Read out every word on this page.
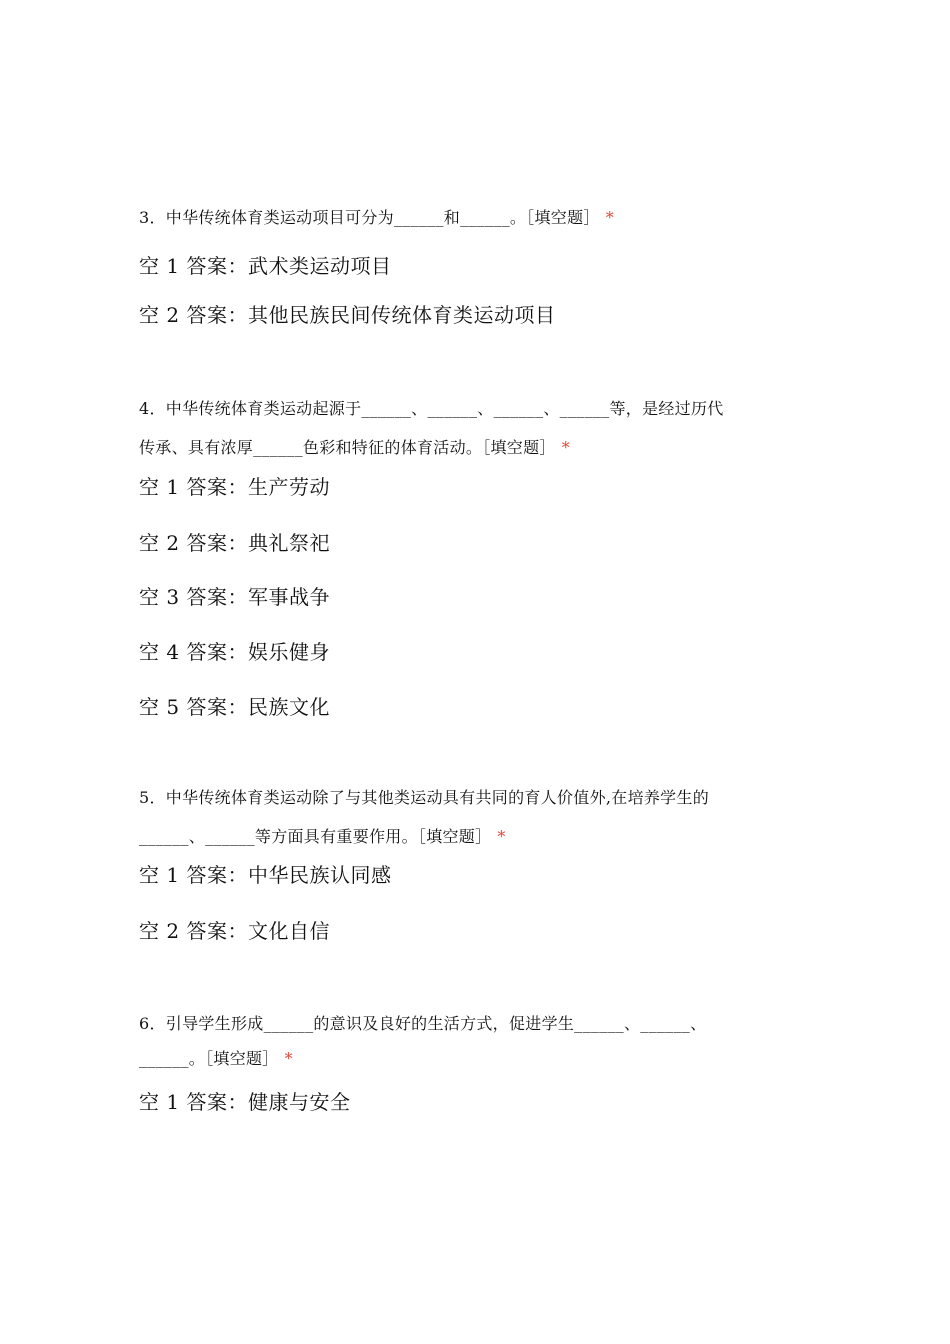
3．中华传统体育类运动项目可分为______和______。［填空题］ *
空 1 答案：武术类运动项目
空 2 答案：其他民族民间传统体育类运动项目
4．中华传统体育类运动起源于______、______、______、______等，是经过历代
传承、具有浓厚______色彩和特征的体育活动。［填空题］ *
空 1 答案：生产劳动
空 2 答案：典礼祭祀
空 3 答案：军事战争
空 4 答案：娱乐健身
空 5 答案：民族文化
5．中华传统体育类运动除了与其他类运动具有共同的育人价值外,在培养学生的
______、______等方面具有重要作用。［填空题］ *
空 1 答案：中华民族认同感
空 2 答案：文化自信
6．引导学生形成______的意识及良好的生活方式，促进学生______、______、
______。［填空题］ *
空 1 答案：健康与安全
